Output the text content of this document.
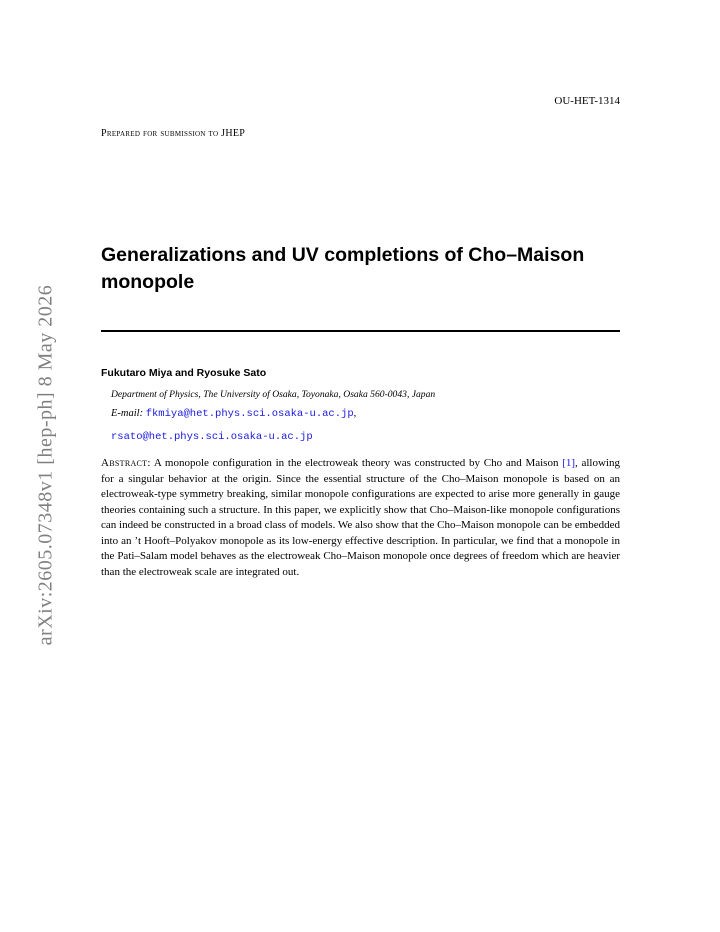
arXiv:2605.07348v1 [hep-ph] 8 May 2026
OU-HET-1314
Prepared for submission to JHEP
Generalizations and UV completions of Cho–Maison monopole
Fukutaro Miya and Ryosuke Sato
Department of Physics, The University of Osaka, Toyonaka, Osaka 560-0043, Japan
E-mail: fkmiya@het.phys.sci.osaka-u.ac.jp,
rsato@het.phys.sci.osaka-u.ac.jp

Abstract: A monopole configuration in the electroweak theory was constructed by Cho and Maison [1], allowing for a singular behavior at the origin. Since the essential structure of the Cho–Maison monopole is based on an electroweak-type symmetry breaking, similar monopole configurations are expected to arise more generally in gauge theories containing such a structure. In this paper, we explicitly show that Cho–Maison-like monopole configurations can indeed be constructed in a broad class of models. We also show that the Cho–Maison monopole can be embedded into an ’t Hooft–Polyakov monopole as its low-energy effective description. In particular, we find that a monopole in the Pati–Salam model behaves as the electroweak Cho–Maison monopole once degrees of freedom which are heavier than the electroweak scale are integrated out.
